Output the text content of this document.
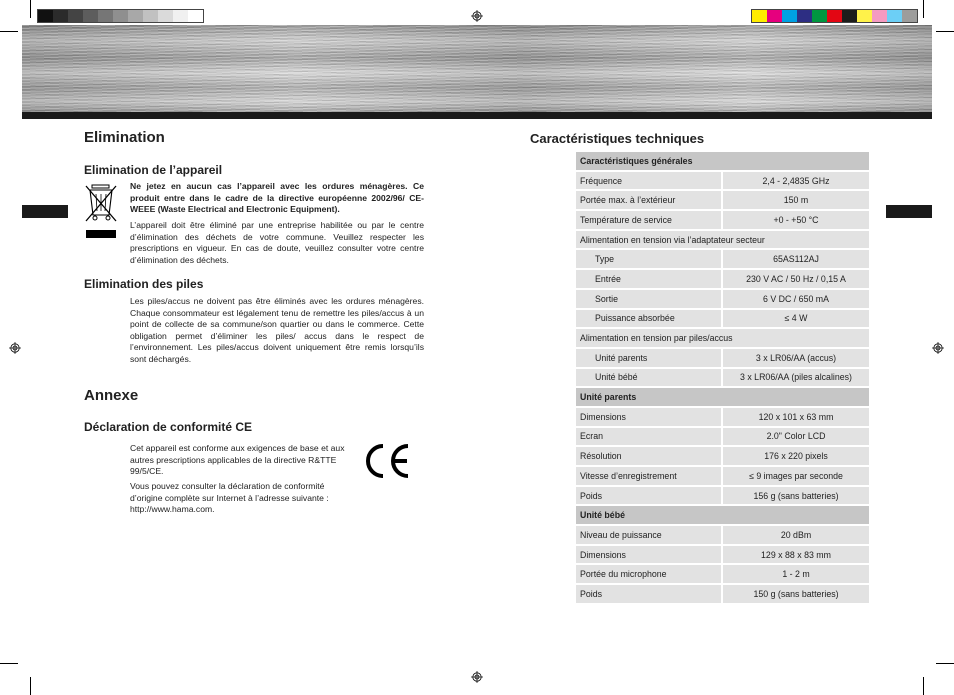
Elimination
Elimination de l’appareil
Ne jetez en aucun cas l’appareil avec les ordures ménagères. Ce produit entre dans le cadre de la directive européenne 2002/96/ CE-WEEE (Waste Electrical and Electronic Equipment).
L’appareil doit être éliminé par une entreprise habilitée ou par le centre d’élimination des déchets de votre commune. Veuillez respecter les prescriptions en vigueur. En cas de doute, veuillez consulter votre centre d’élimination des déchets.
Elimination des piles
Les piles/accus ne doivent pas être éliminés avec les ordures ménagères. Chaque consommateur est légalement tenu de remettre les piles/accus à un point de collecte de sa commune/son quartier ou dans le commerce. Cette obligation permet d’éliminer les piles/ accus dans le respect de l’environnement. Les piles/accus doivent uniquement être remis lorsqu’ils sont déchargés.
Annexe
Déclaration de conformité CE
Cet appareil est conforme aux exigences de base et aux autres prescriptions applicables de la directive R&TTE 99/5/CE.
Vous pouvez consulter la déclaration de conformité d’origine complète sur Internet à l’adresse suivante : http://www.hama.com.
Caractéristiques techniques
Caractéristiques générales
Fréquence	2,4 - 2,4835 GHz
Portée max. à l’extérieur	150 m
Température de service	+0 - +50 °C
Alimentation en tension via l’adaptateur secteur
Type	65AS112AJ
Entrée	230 V AC / 50 Hz / 0,15 A
Sortie	6 V DC / 650 mA
Puissance absorbée	≤ 4 W
Alimentation en tension par piles/accus
Unité parents	3 x LR06/AA (accus)
Unité bébé	3 x LR06/AA (piles alcalines)
Unité parents
Dimensions	120 x 101 x 63 mm
Ecran	2.0" Color LCD
Résolution	176 x 220 pixels
Vitesse d’enregistrement	≤ 9 images par seconde
Poids	156 g (sans batteries)
Unité bébé
Niveau de puissance	20 dBm
Dimensions	129 x 88 x 83 mm
Portée du microphone	1 - 2 m
Poids	150 g (sans batteries)
